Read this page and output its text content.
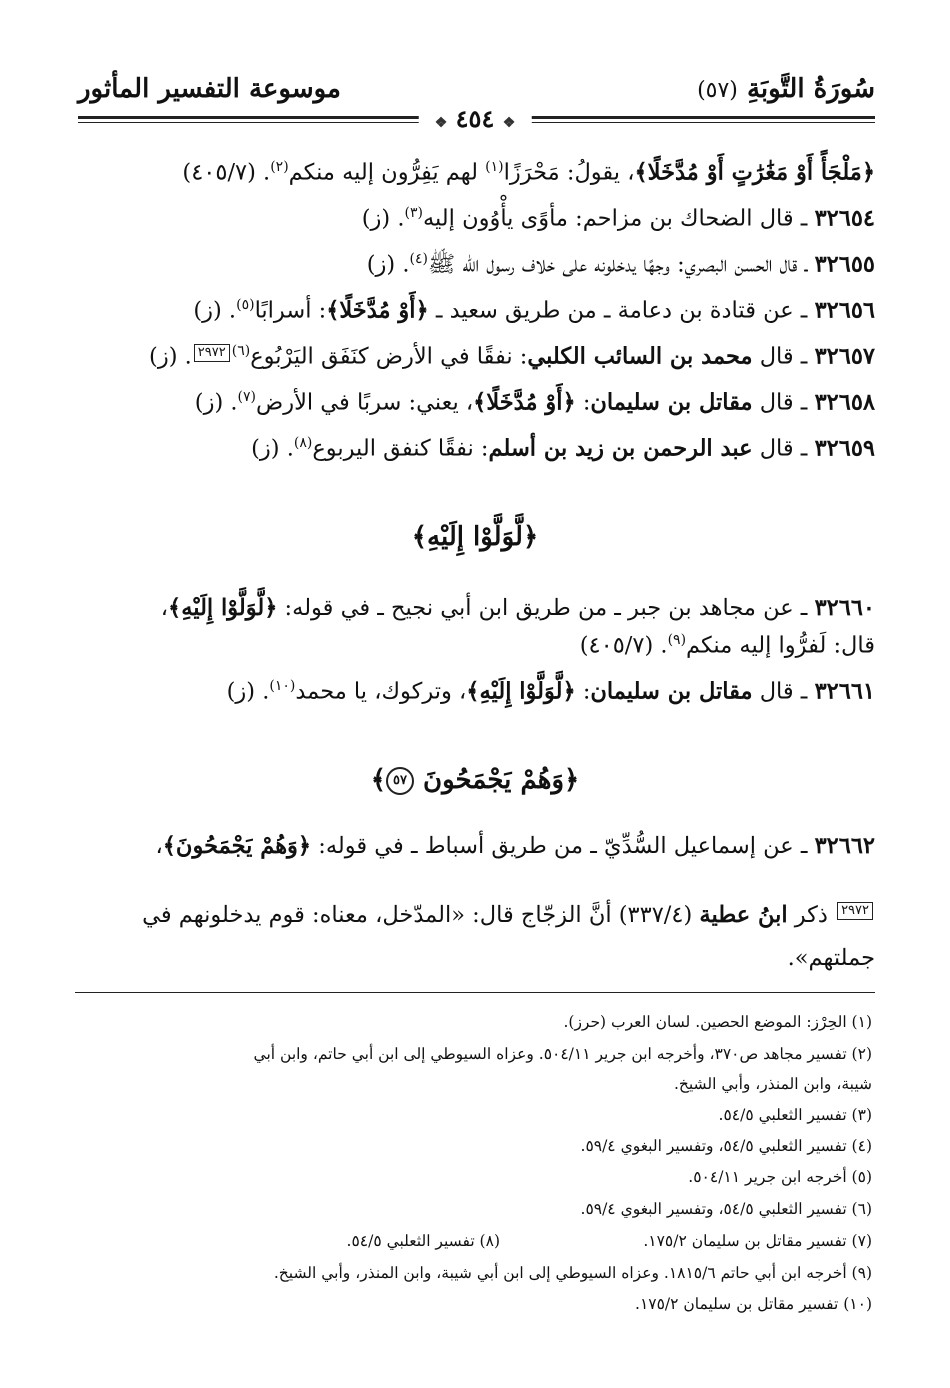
سُورَةُ التَّوبَةِ (٥٧)
موسوعة التفسير المأثور
❖ ٤٥٤ ❖
﴿مَلْجَأً أَوْ مَغَٰرَٰتٍ أَوْ مُدَّخَلًا﴾، يقولُ: مَحْرَزًا$^{(١)}$ لهم يَفِرُّون إليه منكم$^{(٢)}$. (٤٠٥/٧)
٣٢٦٥٤ ـ قال الضحاك بن مزاحم: مأوًى يأْوُون إليه$^{(٣)}$. (ز)
٣٢٦٥٥ ـ قال الحسن البصري: وجهًا يدخلونه على خلاف رسول الله ﷺ$^{(٤)}$. (ز)
٣٢٦٥٦ ـ عن قتادة بن دعامة ـ من طريق سعيد ـ ﴿أَوْ مُدَّخَلًا﴾: أسرابًا$^{(٥)}$. (ز)
٣٢٦٥٧ ـ قال محمد بن السائب الكلبي: نفقًا في الأرض كنَفَق اليَرْبُوع$^{(٦)}$٢٩٧٢. (ز)
٣٢٦٥٨ ـ قال مقاتل بن سليمان: ﴿أَوْ مُدَّخَلًا﴾، يعني: سربًا في الأرض$^{(٧)}$. (ز)
٣٢٦٥٩ ـ قال عبد الرحمن بن زيد بن أسلم: نفقًا كنفق اليربوع$^{(٨)}$. (ز)
﴿لَّوَلَّوْا إِلَيْهِ﴾
٣٢٦٦٠ ـ عن مجاهد بن جبر ـ من طريق ابن أبي نجيح ـ في قوله: ﴿لَّوَلَّوْا إِلَيْهِ﴾،
قال: لَفرُّوا إليه منكم$^{(٩)}$. (٤٠٥/٧)
٣٢٦٦١ ـ قال مقاتل بن سليمان: ﴿لَّوَلَّوْا إِلَيْهِ﴾، وتركوك، يا محمد$^{(١٠)}$. (ز)
﴿وَهُمْ يَجْمَحُونَ ٥٧﴾
٣٢٦٦٢ ـ عن إسماعيل السُّدِّيّ ـ من طريق أسباط ـ في قوله: ﴿وَهُمْ يَجْمَحُونَ﴾،
٢٩٧٢ ذكر ابنُ عطية (٣٣٧/٤) أنَّ الزجّاج قال: «المدّخل، معناه: قوم يدخلونهم في
جملتهم».
(١) الحِرْز: الموضع الحصين. لسان العرب (حرز).
(٢) تفسير مجاهد ص٣٧٠، وأخرجه ابن جرير ٥٠٤/١١. وعزاه السيوطي إلى ابن أبي حاتم، وابن أبي
شيبة، وابن المنذر، وأبي الشيخ.
(٣) تفسير الثعلبي ٥٤/٥.
(٤) تفسير الثعلبي ٥٤/٥، وتفسير البغوي ٥٩/٤.
(٥) أخرجه ابن جرير ٥٠٤/١١.
(٦) تفسير الثعلبي ٥٤/٥، وتفسير البغوي ٥٩/٤.
(٧) تفسير مقاتل بن سليمان ١٧٥/٢.
(٨) تفسير الثعلبي ٥٤/٥.
(٩) أخرجه ابن أبي حاتم ١٨١٥/٦. وعزاه السيوطي إلى ابن أبي شيبة، وابن المنذر، وأبي الشيخ.
(١٠) تفسير مقاتل بن سليمان ١٧٥/٢.
